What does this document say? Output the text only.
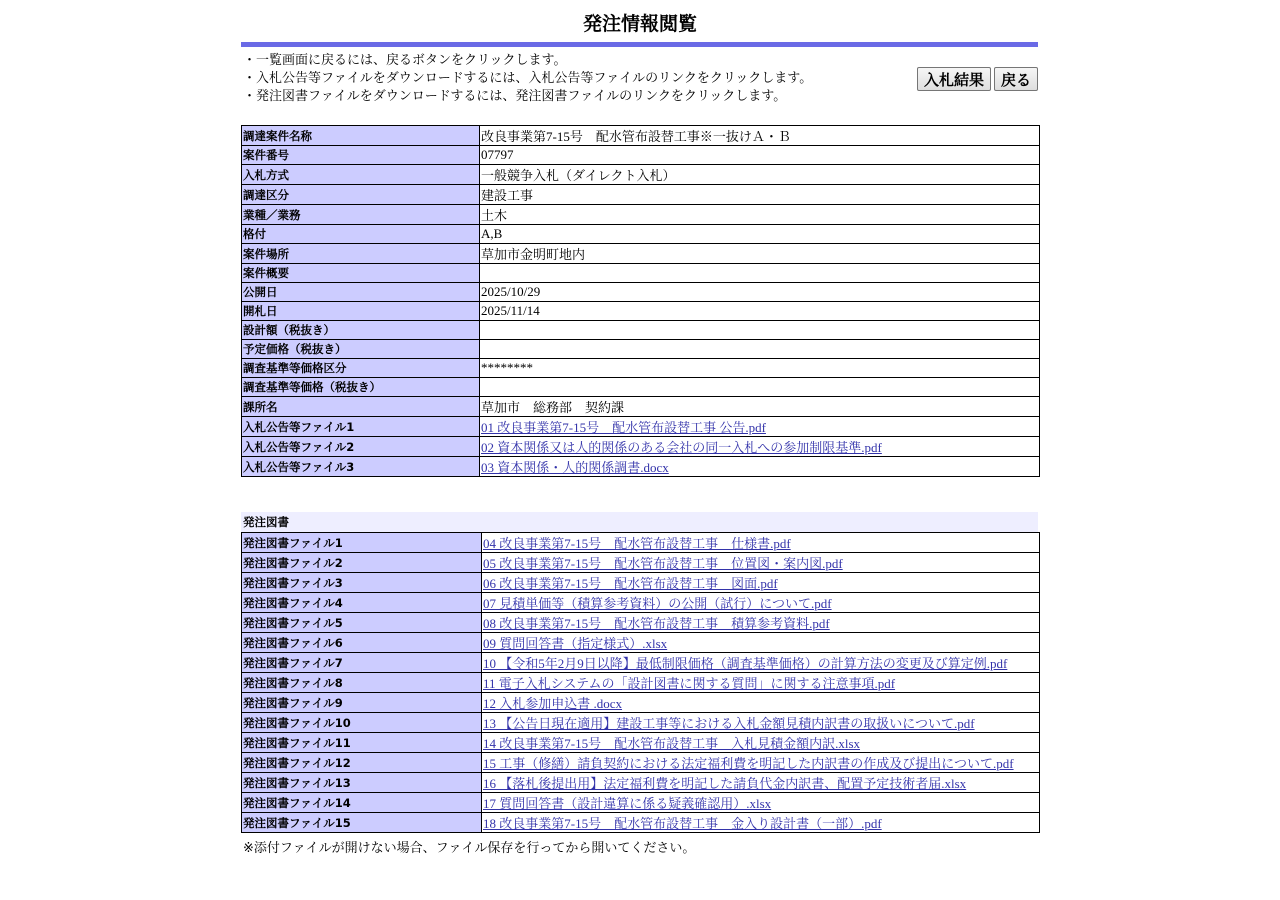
発注情報閲覧
・一覧画面に戻るには、戻るボタンをクリックします。
・入札公告等ファイルをダウンロードするには、入札公告等ファイルのリンクをクリックします。
・発注図書ファイルをダウンロードするには、発注図書ファイルのリンクをクリックします。
入札結果	戻る
調達案件名称	改良事業第7-15号　配水管布設替工事※一抜けＡ・Ｂ
案件番号	07797
入札方式	一般競争入札（ダイレクト入札）
調達区分	建設工事
業種／業務	土木
格付	A,B
案件場所	草加市金明町地内
案件概要	
公開日	2025/10/29
開札日	2025/11/14
設計額（税抜き）	
予定価格（税抜き）	
調査基準等価格区分	********
調査基準等価格（税抜き）	
課所名	草加市　総務部　契約課
入札公告等ファイル1	01 改良事業第7-15号　配水管布設替工事 公告.pdf
入札公告等ファイル2	02 資本関係又は人的関係のある会社の同一入札への参加制限基準.pdf
入札公告等ファイル3	03 資本関係・人的関係調書.docx
発注図書
発注図書ファイル1	04 改良事業第7-15号　配水管布設替工事　仕様書.pdf
発注図書ファイル2	05 改良事業第7-15号　配水管布設替工事　位置図・案内図.pdf
発注図書ファイル3	06 改良事業第7-15号　配水管布設替工事　図面.pdf
発注図書ファイル4	07 見積単価等（積算参考資料）の公開（試行）について.pdf
発注図書ファイル5	08 改良事業第7-15号　配水管布設替工事　積算参考資料.pdf
発注図書ファイル6	09 質問回答書（指定様式）.xlsx
発注図書ファイル7	10 【令和5年2月9日以降】最低制限価格（調査基準価格）の計算方法の変更及び算定例.pdf
発注図書ファイル8	11 電子入札システムの「設計図書に関する質問」に関する注意事項.pdf
発注図書ファイル9	12 入札参加申込書 .docx
発注図書ファイル10	13 【公告日現在適用】建設工事等における入札金額見積内訳書の取扱いについて.pdf
発注図書ファイル11	14 改良事業第7-15号　配水管布設替工事　入札見積金額内訳.xlsx
発注図書ファイル12	15 工事（修繕）請負契約における法定福利費を明記した内訳書の作成及び提出について.pdf
発注図書ファイル13	16 【落札後提出用】法定福利費を明記した請負代金内訳書、配置予定技術者届.xlsx
発注図書ファイル14	17 質問回答書（設計違算に係る疑義確認用）.xlsx
発注図書ファイル15	18 改良事業第7-15号　配水管布設替工事　金入り設計書（一部）.pdf
※添付ファイルが開けない場合、ファイル保存を行ってから開いてください。
